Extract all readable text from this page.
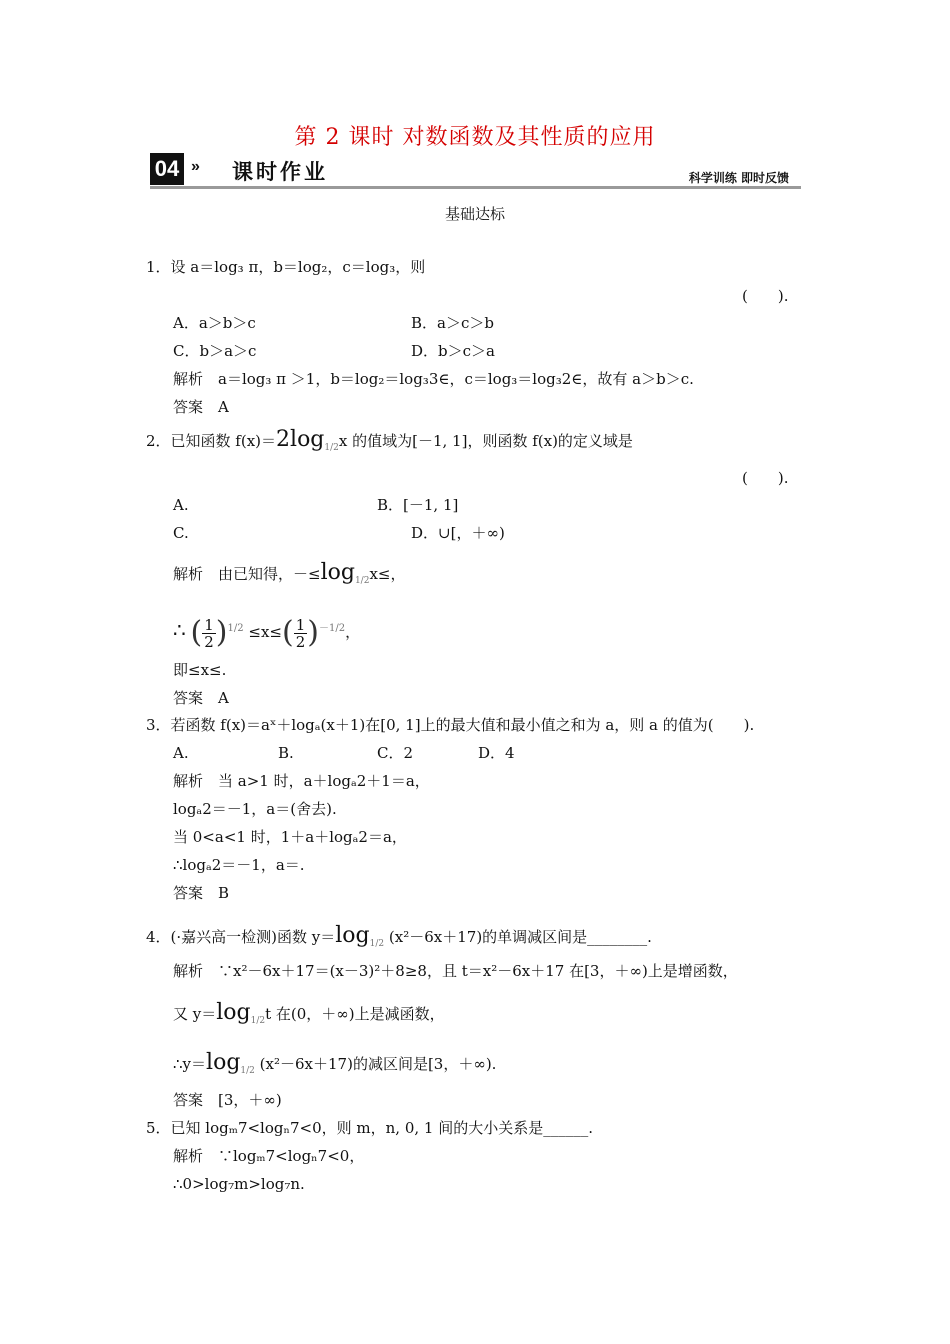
第 2 课时 对数函数及其性质的应用
04 » 课时作业	科学训练 即时反馈
基础达标
1．设 a＝log₃ π，b＝log₂，c＝log₃，则
(　　).
A．a＞b＞c	B．a＞c＞b
C．b＞a＞c	D．b＞c＞a
解析　a＝log₃ π ＞1，b＝log₂＝log₃3∈，c＝log₃＝log₃2∈，故有 a＞b＞c.
答案　A
2．已知函数 $f(x)=2\log_{1/2}x$ 的值域为[－1, 1]，则函数 f(x)的定义域是
(　　).
A.	B．[－1, 1]
C.	D．∪[，＋∞)
解析　由已知得，$-\le\log_{1/2}x\le$，
∴ ( $\frac{1}{2} )^{1/2} \le x\le( \frac{1}{2} )^{-1/2}$，
即≤x≤.
答案　A
3．若函数 f(x)＝aˣ＋logₐ(x＋1)在[0, 1]上的最大值和最小值之和为 a，则 a 的值为(　　).
A.	B.	C．2	D．4
解析　当 a>1 时，a＋logₐ2＋1＝a，
logₐ2＝－1，a＝(舍去).
当 0<a<1 时，1＋a＋logₐ2＝a，
∴logₐ2＝－1，a＝.
答案　B
4．(·嘉兴高一检测)函数 $y=\log_{1/2}$ (x²－6x＋17)的单调减区间是________.
解析　∵x²－6x＋17＝(x－3)²＋8≥8，且 t＝x²－6x＋17 在[3，＋∞)上是增函数，
又 $y=\log_{1/2}t$ 在(0，＋∞)上是减函数，
$\therefore y=\log_{1/2}$ (x²－6x＋17)的减区间是[3，＋∞).
答案　[3，＋∞)
5．已知 logₘ7<logₙ7<0，则 m，n, 0, 1 间的大小关系是______.
解析　∵logₘ7<logₙ7<0，
∴0>log₇m>log₇n.
